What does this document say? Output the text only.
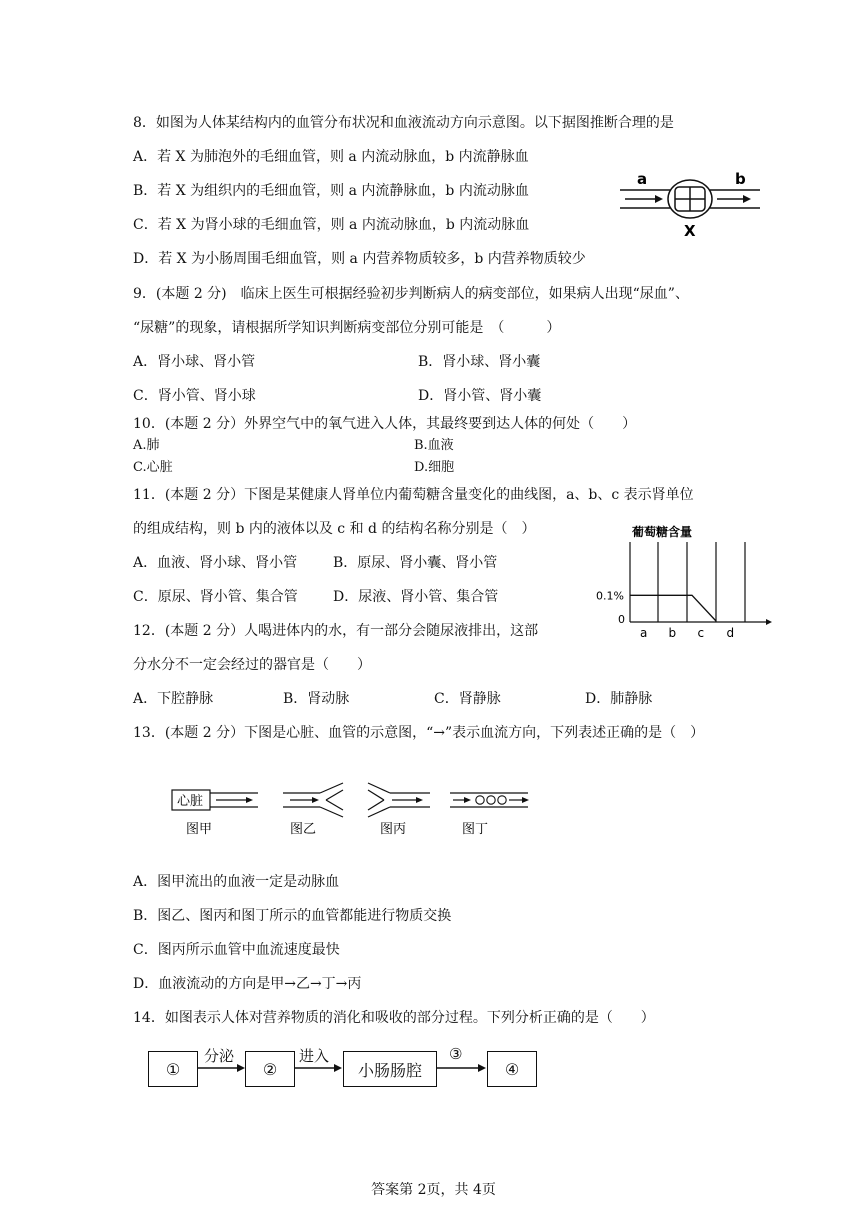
8．如图为人体某结构内的血管分布状况和血液流动方向示意图。以下据图推断合理的是
A．若 X 为肺泡外的毛细血管，则 a 内流动脉血，b 内流静脉血
B．若 X 为组织内的毛细血管，则 a 内流静脉血，b 内流动脉血
C．若 X 为肾小球的毛细血管，则 a 内流动脉血，b 内流动脉血
D．若 X 为小肠周围毛细血管，则 a 内营养物质较多，b 内营养物质较少
a	b
X
9．(本题 2 分)　临床上医生可根据经验初步判断病人的病变部位，如果病人出现“尿血”、
“尿糖”的现象，请根据所学知识判断病变部位分别可能是　（　　　）
A．肾小球、肾小管	B．肾小球、肾小囊
C．肾小管、肾小球	D．肾小管、肾小囊
10．(本题 2 分）外界空气中的氧气进入人体，其最终要到达人体的何处（　　）
A.肺	B.血液
C.心脏	D.细胞
11．(本题 2 分）下图是某健康人肾单位内葡萄糖含量变化的曲线图，a、b、c 表示肾单位
的组成结构，则 b 内的液体以及 c 和 d 的结构名称分别是（　）
A．血液、肾小球、肾小管	B．原尿、肾小囊、肾小管
C．原尿、肾小管、集合管	D．尿液、肾小管、集合管
葡萄糖含量
a b c d
0.1%
0
12．(本题 2 分）人喝进体内的水，有一部分会随尿液排出，这部
分水分不一定会经过的器官是（　　）
A．下腔静脉	B．肾动脉	C．肾静脉	D．肺静脉
13．(本题 2 分）下图是心脏、血管的示意图，“→”表示血流方向，下列表述正确的是（　）
心脏
图甲	图乙	图丙	图丁
A．图甲流出的血液一定是动脉血
B．图乙、图丙和图丁所示的血管都能进行物质交换
C．图丙所示血管中血流速度最快
D．血液流动的方向是甲→乙→丁→丙
14．如图表示人体对营养物质的消化和吸收的部分过程。下列分析正确的是（　　）
①	②	小肠肠腔	④
分泌	进入	③
答案第 2页，共 4页
